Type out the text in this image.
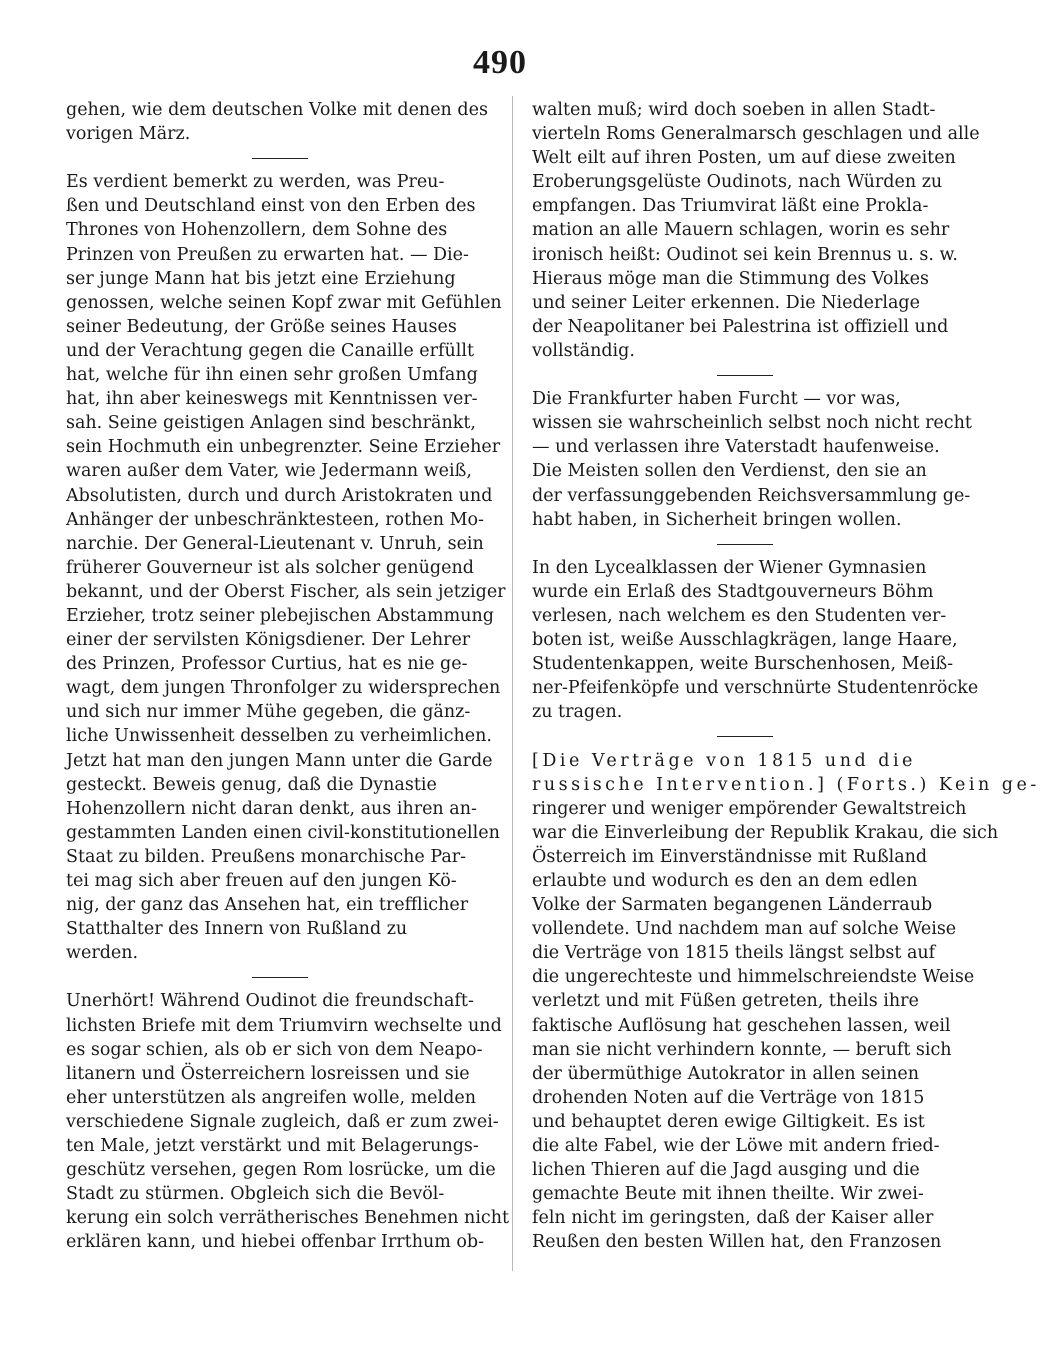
490
gehen, wie dem deutschen Volke mit denen des
vorigen März.
Es verdient bemerkt zu werden, was Preu-
ßen und Deutschland einst von den Erben des
Thrones von Hohenzollern, dem Sohne des
Prinzen von Preußen zu erwarten hat. — Die-
ser junge Mann hat bis jetzt eine Erziehung
genossen, welche seinen Kopf zwar mit Gefühlen
seiner Bedeutung, der Größe seines Hauses
und der Verachtung gegen die Canaille erfüllt
hat, welche für ihn einen sehr großen Umfang
hat, ihn aber keineswegs mit Kenntnissen ver-
sah. Seine geistigen Anlagen sind beschränkt,
sein Hochmuth ein unbegrenzter. Seine Erzieher
waren außer dem Vater, wie Jedermann weiß,
Absolutisten, durch und durch Aristokraten und
Anhänger der unbeschränktesteen, rothen Mo-
narchie. Der General-Lieutenant v. Unruh, sein
früherer Gouverneur ist als solcher genügend
bekannt, und der Oberst Fischer, als sein jetziger
Erzieher, trotz seiner plebejischen Abstammung
einer der servilsten Königsdiener. Der Lehrer
des Prinzen, Professor Curtius, hat es nie ge-
wagt, dem jungen Thronfolger zu widersprechen
und sich nur immer Mühe gegeben, die gänz-
liche Unwissenheit desselben zu verheimlichen.
Jetzt hat man den jungen Mann unter die Garde
gesteckt. Beweis genug, daß die Dynastie
Hohenzollern nicht daran denkt, aus ihren an-
gestammten Landen einen civil-konstitutionellen
Staat zu bilden. Preußens monarchische Par-
tei mag sich aber freuen auf den jungen Kö-
nig, der ganz das Ansehen hat, ein trefflicher
Statthalter des Innern von Rußland zu
werden.
Unerhört! Während Oudinot die freundschaft-
lichsten Briefe mit dem Triumvirn wechselte und
es sogar schien, als ob er sich von dem Neapo-
litanern und Österreichern losreissen und sie
eher unterstützen als angreifen wolle, melden
verschiedene Signale zugleich, daß er zum zwei-
ten Male, jetzt verstärkt und mit Belagerungs-
geschütz versehen, gegen Rom losrücke, um die
Stadt zu stürmen. Obgleich sich die Bevöl-
kerung ein solch verrätherisches Benehmen nicht
erklären kann, und hiebei offenbar Irrthum ob-
walten muß; wird doch soeben in allen Stadt-
vierteln Roms Generalmarsch geschlagen und alle
Welt eilt auf ihren Posten, um auf diese zweiten
Eroberungsgelüste Oudinots, nach Würden zu
empfangen. Das Triumvirat läßt eine Prokla-
mation an alle Mauern schlagen, worin es sehr
ironisch heißt: Oudinot sei kein Brennus u. s. w.
Hieraus möge man die Stimmung des Volkes
und seiner Leiter erkennen. Die Niederlage
der Neapolitaner bei Palestrina ist offiziell und
vollständig.
Die Frankfurter haben Furcht — vor was,
wissen sie wahrscheinlich selbst noch nicht recht
— und verlassen ihre Vaterstadt haufenweise.
Die Meisten sollen den Verdienst, den sie an
der verfassunggebenden Reichsversammlung ge-
habt haben, in Sicherheit bringen wollen.
In den Lycealklassen der Wiener Gymnasien
wurde ein Erlaß des Stadtgouverneurs Böhm
verlesen, nach welchem es den Studenten ver-
boten ist, weiße Ausschlagkrägen, lange Haare,
Studentenkappen, weite Burschenhosen, Meiß-
ner-Pfeifenköpfe und verschnürte Studentenröcke
zu tragen.
[Die Verträge von 1815 und die
russische Intervention.] (Forts.) Kein ge-
ringerer und weniger empörender Gewaltstreich
war die Einverleibung der Republik Krakau, die sich
Österreich im Einverständnisse mit Rußland
erlaubte und wodurch es den an dem edlen
Volke der Sarmaten begangenen Länderraub
vollendete. Und nachdem man auf solche Weise
die Verträge von 1815 theils längst selbst auf
die ungerechteste und himmelschreiendste Weise
verletzt und mit Füßen getreten, theils ihre
faktische Auflösung hat geschehen lassen, weil
man sie nicht verhindern konnte, — beruft sich
der übermüthige Autokrator in allen seinen
drohenden Noten auf die Verträge von 1815
und behauptet deren ewige Giltigkeit. Es ist
die alte Fabel, wie der Löwe mit andern fried-
lichen Thieren auf die Jagd ausging und die
gemachte Beute mit ihnen theilte. Wir zwei-
feln nicht im geringsten, daß der Kaiser aller
Reußen den besten Willen hat, den Franzosen
